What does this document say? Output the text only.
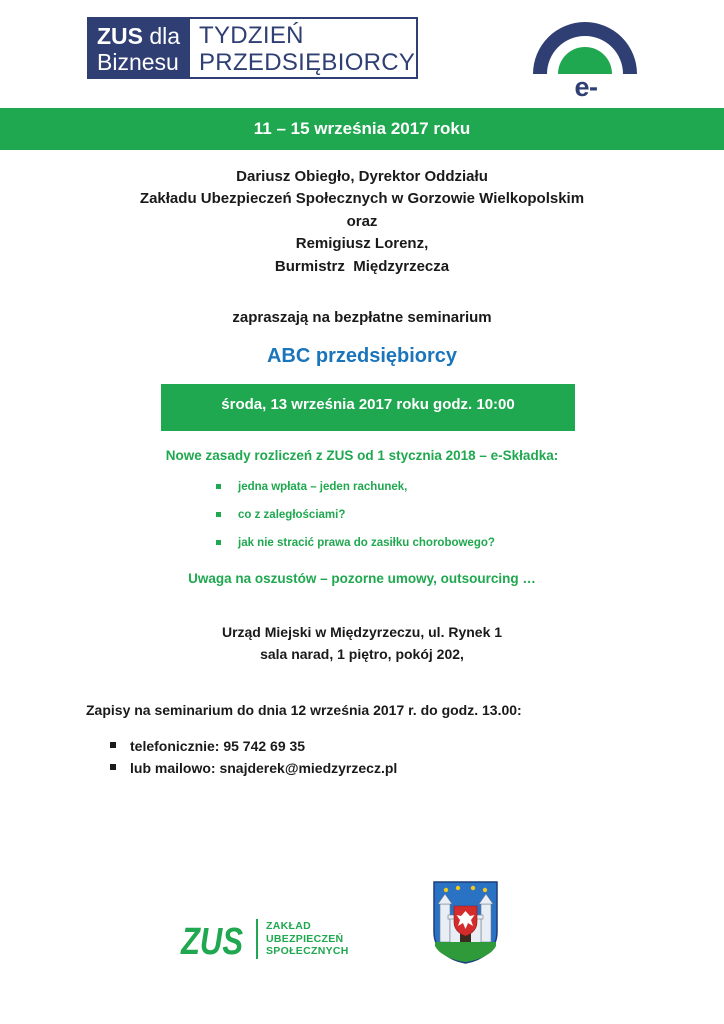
ZUS dla
Biznesu
TYDZIEŃ
PRZEDSIĘBIORCY
e-
11 – 15 września 2017 roku
Dariusz Obiegło, Dyrektor Oddziału
Zakładu Ubezpieczeń Społecznych w Gorzowie Wielkopolskim
oraz
Remigiusz Lorenz,
Burmistrz  Międzyrzecza
zapraszają na bezpłatne seminarium
ABC przedsiębiorcy
środa, 13 września 2017 roku godz. 10:00
Nowe zasady rozliczeń z ZUS od 1 stycznia 2018 – e-Składka:
jedna wpłata – jeden rachunek,
co z zaległościami?
jak nie stracić prawa do zasiłku chorobowego?
Uwaga na oszustów – pozorne umowy, outsourcing …
Urząd Miejski w Międzyrzeczu, ul. Rynek 1
sala narad, 1 piętro, pokój 202,
Zapisy na seminarium do dnia 12 września 2017 r. do godz. 13.00:
telefonicznie: 95 742 69 35
lub mailowo: snajderek@miedzyrzecz.pl
ZUS ZAKŁAD
UBEZPIECZEŃ
SPOŁECZNYCH
